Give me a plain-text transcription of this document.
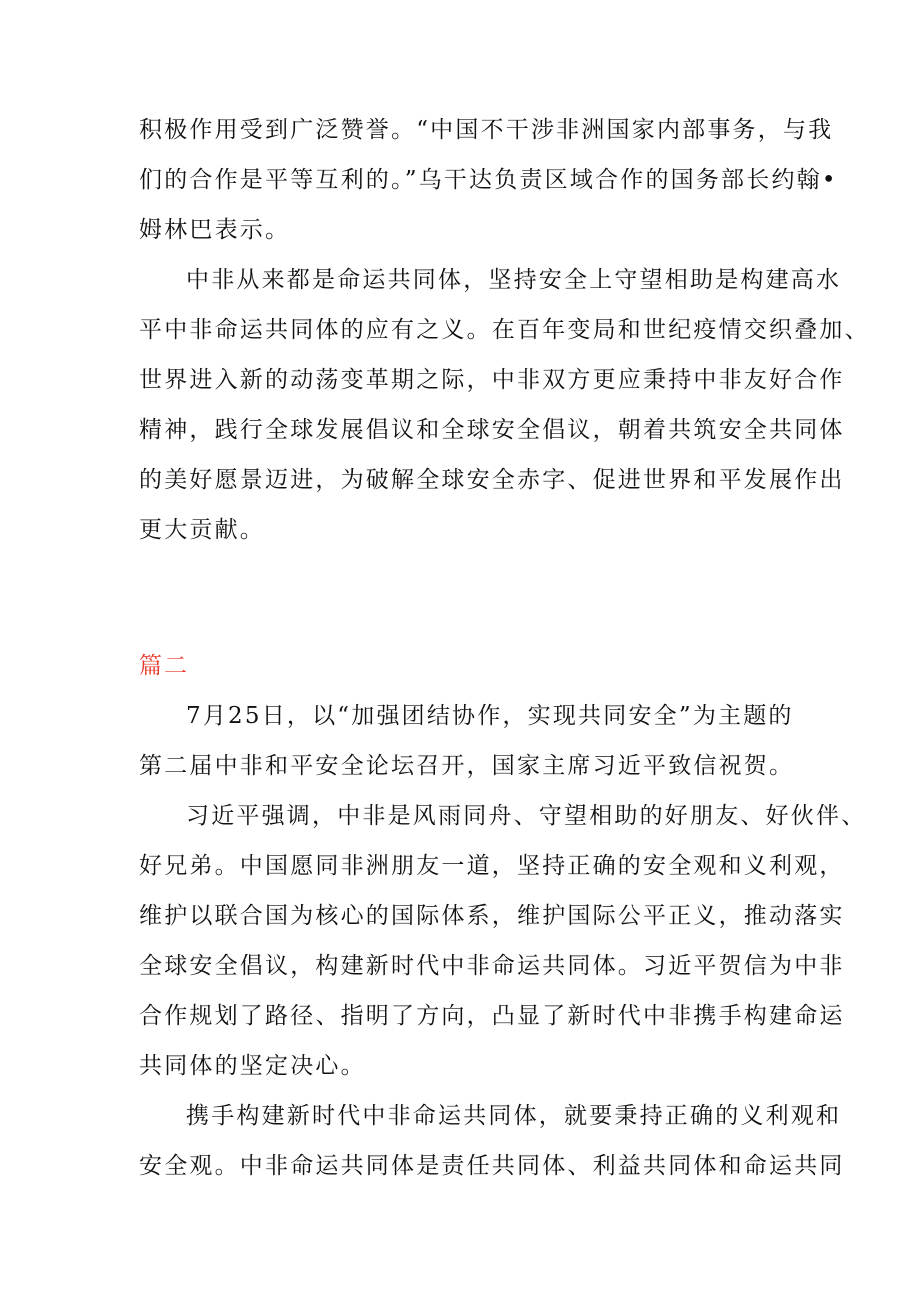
积极作用受到广泛赞誉。“中国不干涉非洲国家内部事务，与我
们的合作是平等互利的。”乌干达负责区域合作的国务部长约翰•
姆林巴表示。
中非从来都是命运共同体，坚持安全上守望相助是构建高水
平中非命运共同体的应有之义。在百年变局和世纪疫情交织叠加、
世界进入新的动荡变革期之际，中非双方更应秉持中非友好合作
精神，践行全球发展倡议和全球安全倡议，朝着共筑安全共同体
的美好愿景迈进，为破解全球安全赤字、促进世界和平发展作出
更大贡献。
篇二
7月25日，以“加强团结协作，实现共同安全”为主题的
第二届中非和平安全论坛召开，国家主席习近平致信祝贺。
习近平强调，中非是风雨同舟、守望相助的好朋友、好伙伴、
好兄弟。中国愿同非洲朋友一道，坚持正确的安全观和义利观，
维护以联合国为核心的国际体系，维护国际公平正义，推动落实
全球安全倡议，构建新时代中非命运共同体。习近平贺信为中非
合作规划了路径、指明了方向，凸显了新时代中非携手构建命运
共同体的坚定决心。
携手构建新时代中非命运共同体，就要秉持正确的义利观和
安全观。中非命运共同体是责任共同体、利益共同体和命运共同
